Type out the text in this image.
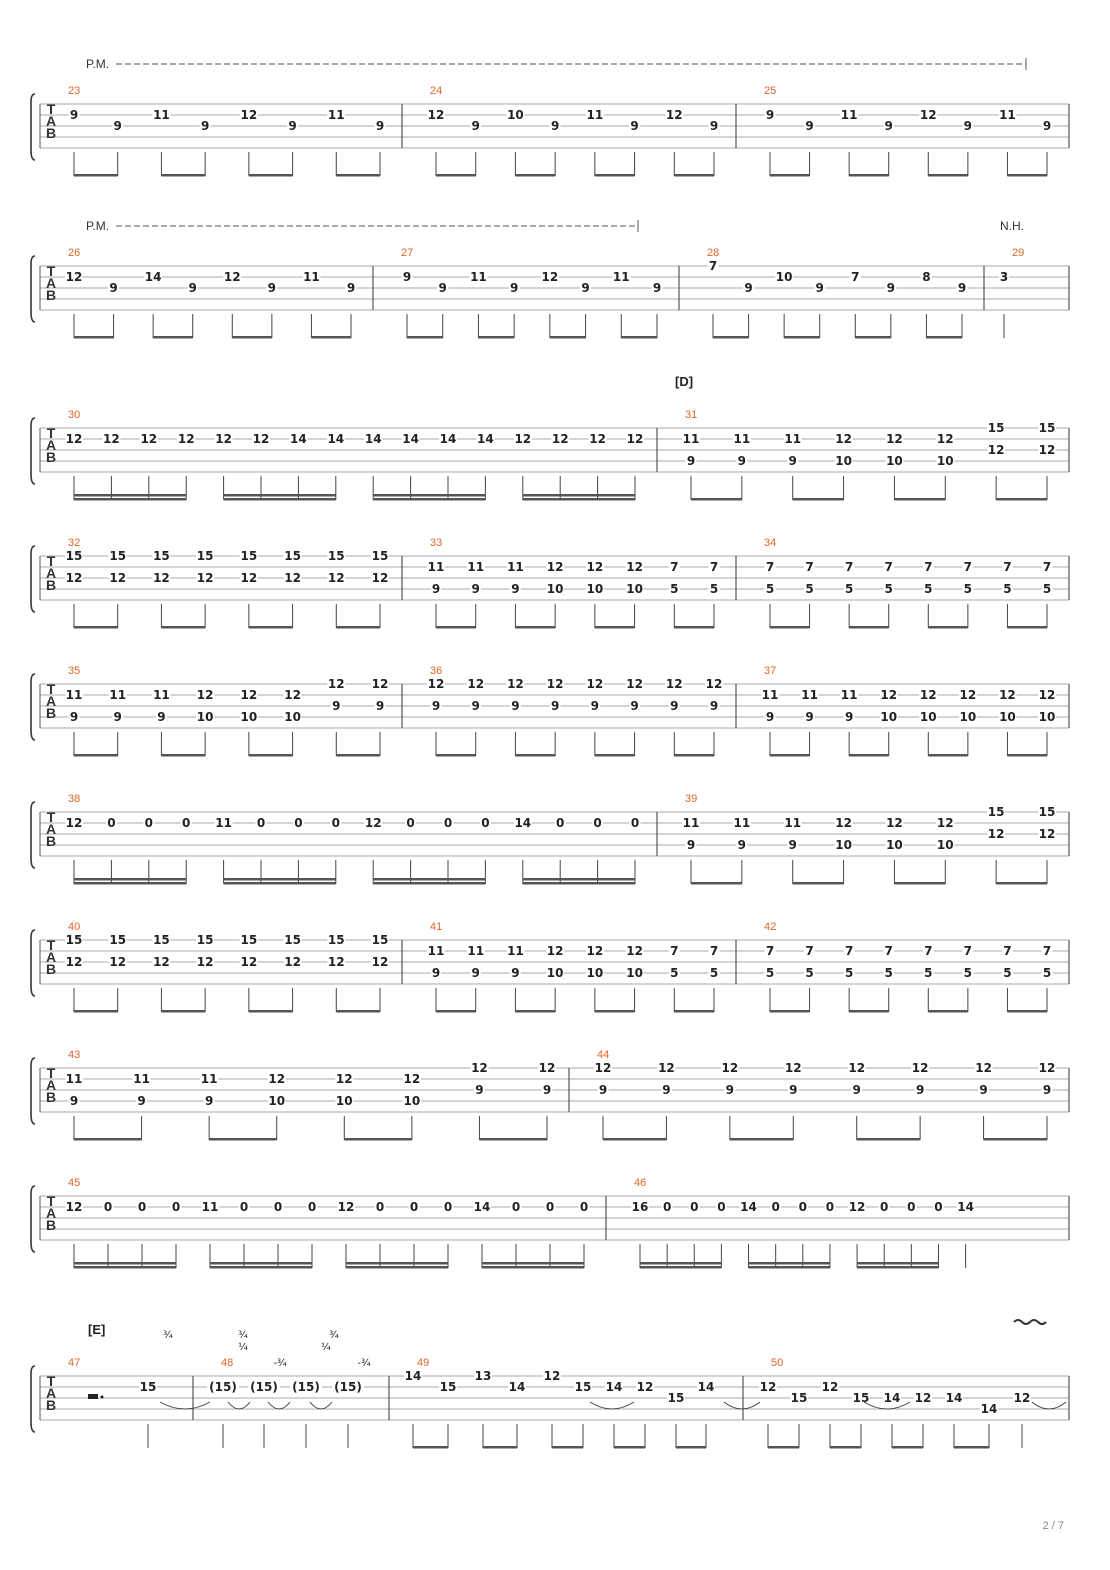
T
A
B
P.M.
23
9
9
11
9
12
9
11
9
24
12
9
10
9
11
9
12
9
25
9
9
11
9
12
9
11
9
T
A
B
P.M.	N.H.
26
12
9
14
9
12
9
11
9
27
9
9
11
9
12
9
11
9
28
7
9
10
9
7
9
8
9
29
3
T
A
B
[D]
30
12 12 12 12 12 12 14 14 14 14 14 14 12 12 12 12
31
11
9
11
9
11
9
12
10
12
10
12
10
15
12
15
12
T
A
B
32
15
12
15
12
15
12
15
12
15
12
15
12
15
12
15
12
33
11
9
11
9
11
9
12
10
12
10
12
10
7
5
7
5
34
7
5
7
5
7
5
7
5
7
5
7
5
7
5
7
5
T
A
B
35
11
9
11
9
11
9
12
10
12
10
12
10
12
9
12
9
36
12
9
12
9
12
9
12
9
12
9
12
9
12
9
12
9
37
11
9
11
9
11
9
12
10
12
10
12
10
12
10
12
10
T
A
B
38
12 0 0 0 11 0 0 0 12 0 0 0 14 0 0 0
39
11
9
11
9
11
9
12
10
12
10
12
10
15
12
15
12
T
A
B
40
15
12
15
12
15
12
15
12
15
12
15
12
15
12
15
12
41
11
9
11
9
11
9
12
10
12
10
12
10
7
5
7
5
42
7
5
7
5
7
5
7
5
7
5
7
5
7
5
7
5
T
A
B
43
11
9
11
9
11
9
12
10
12
10
12
10
12
9
12
9
44
12
9
12
9
12
9
12
9
12
9
12
9
12
9
12
9
T
A
B
45
12 0 0 0 11 0 0 0 12 0 0 0 14 0 0 0
46
16 0 0 0 14 0 0 0 12 0 0 0 14
T
A
B
[E]
47
15
48
(15) (15) (15) (15)
49
14
15
13
14
12
15 14 12
15
14
50
12
15
12
15 14 12 14
14
12
¾	¾
¼
-¾
¾
¼
-¾
2 / 7
